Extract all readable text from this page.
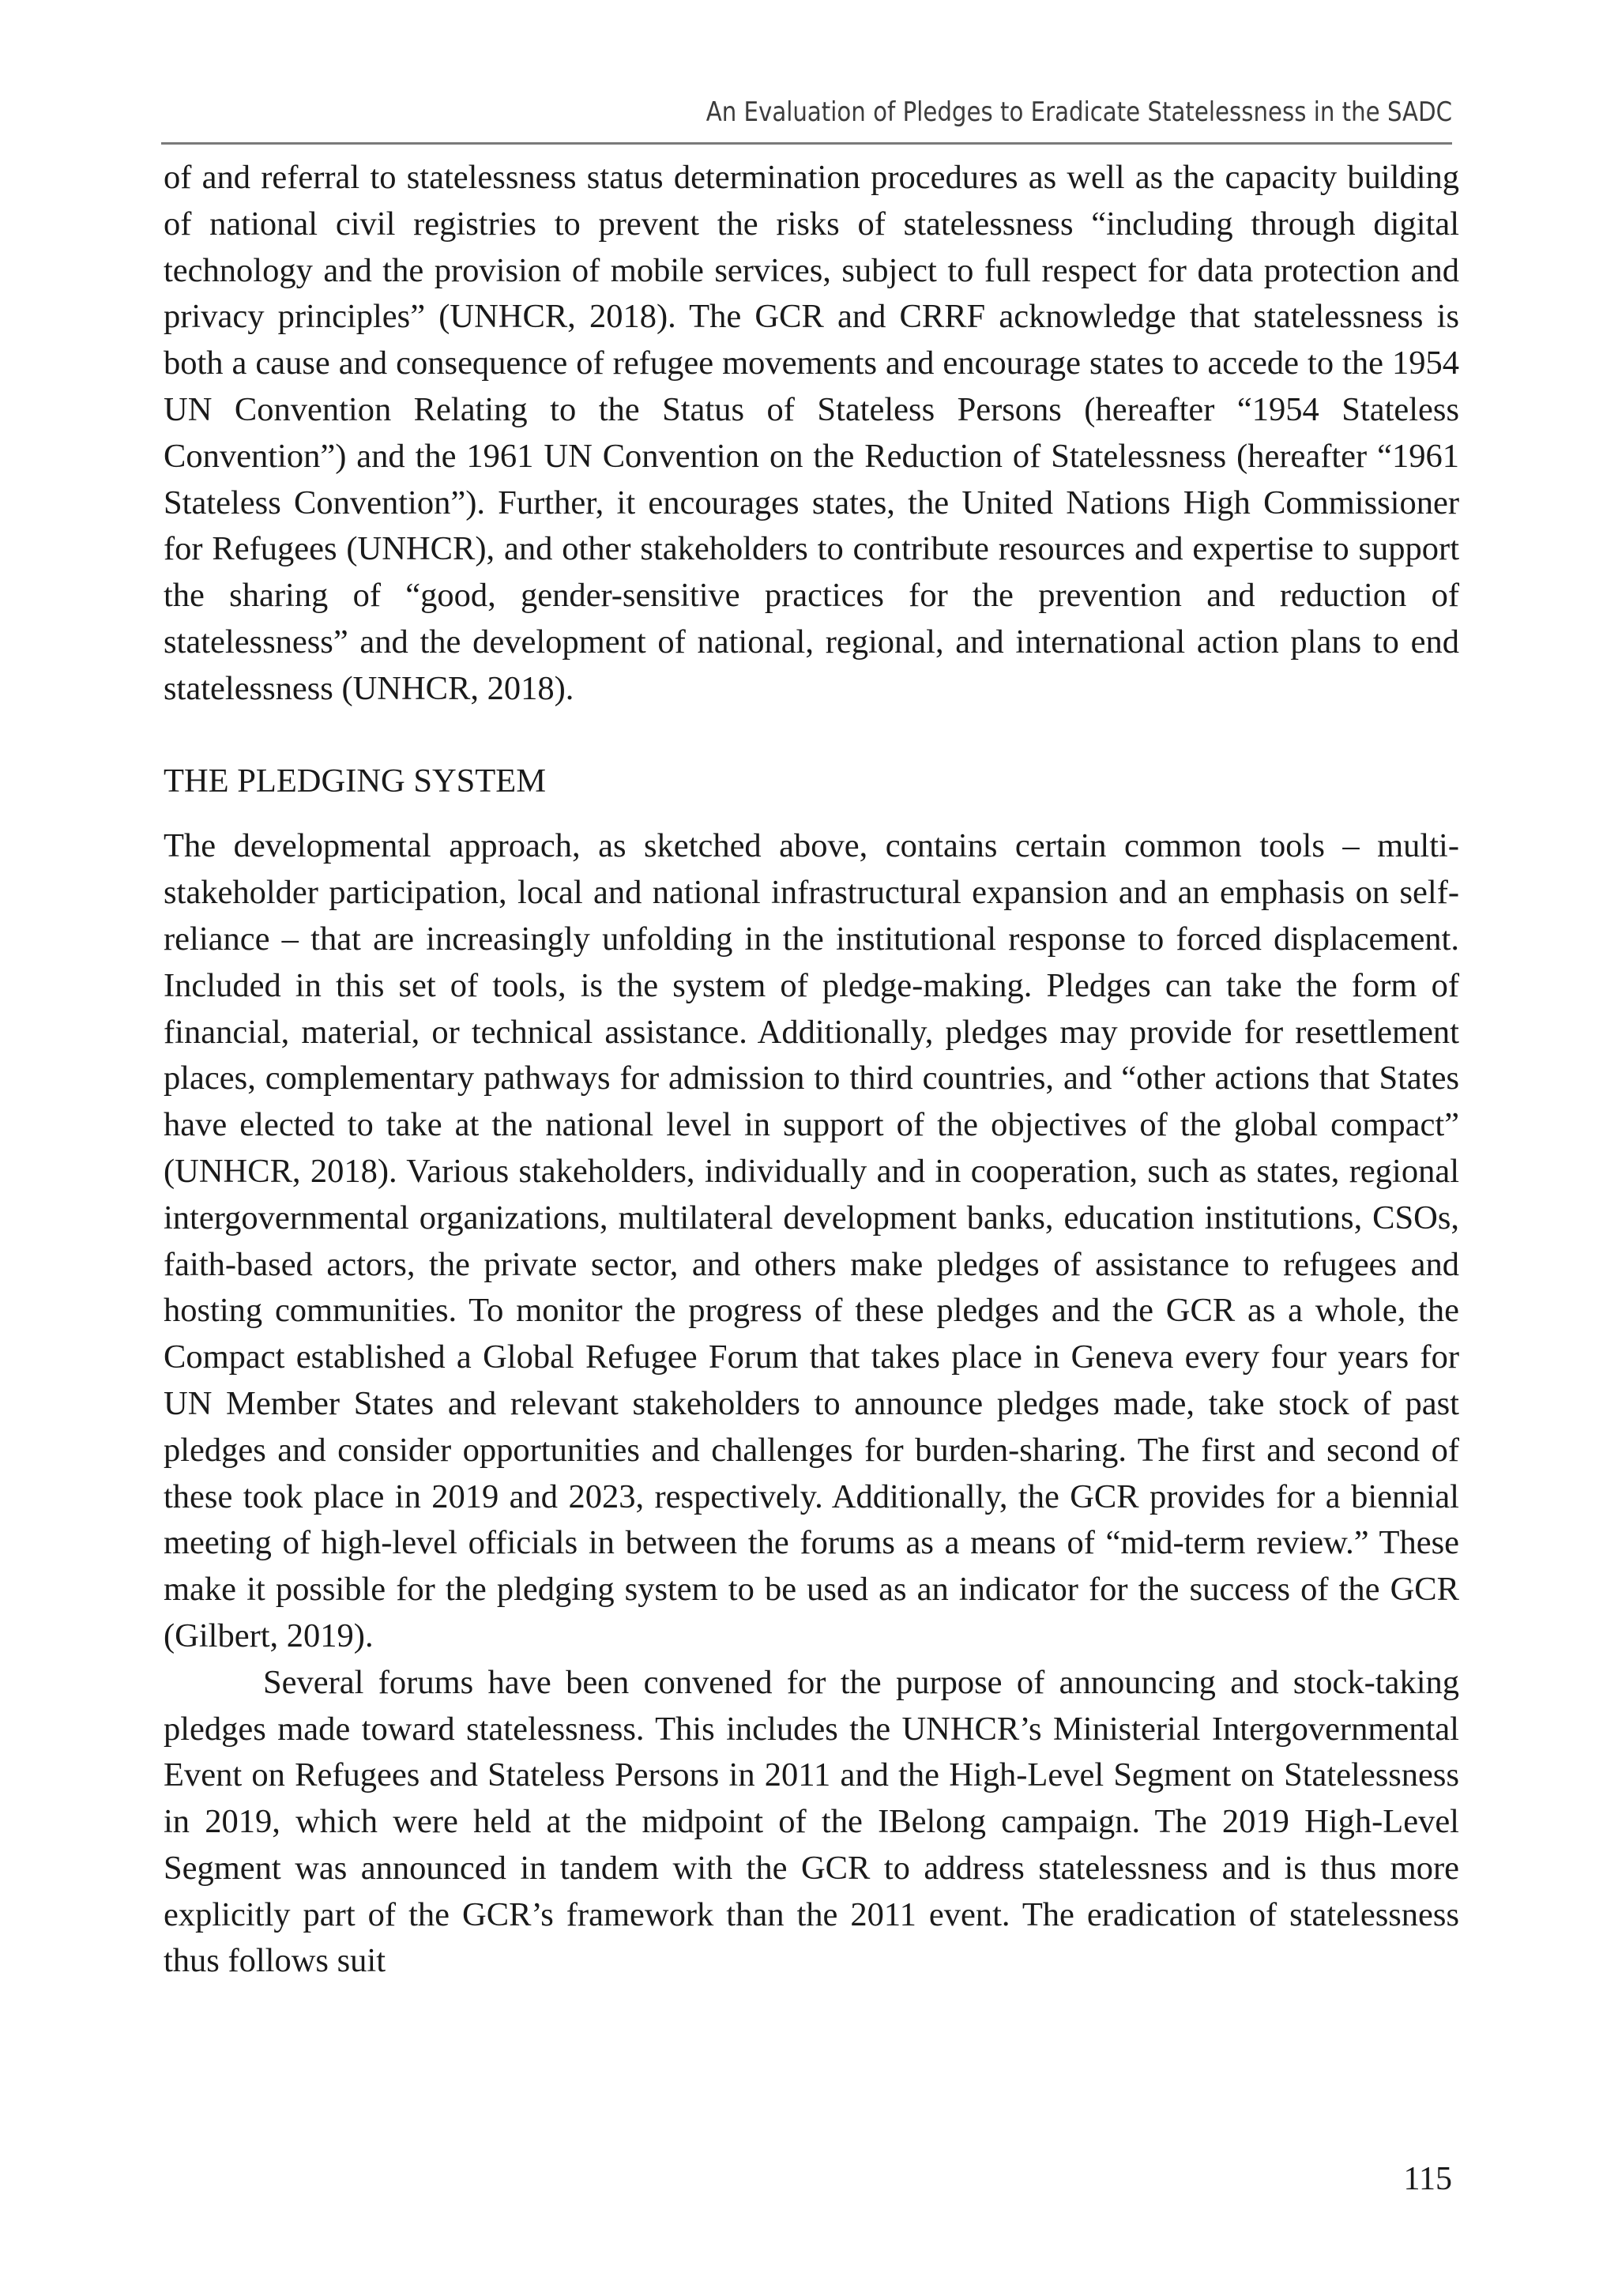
An Evaluation of Pledges to Eradicate Statelessness in the SADC

of and referral to statelessness status determination procedures as well as the capacity building of national civil registries to prevent the risks of statelessness “including through digital technology and the provision of mobile services, subject to full respect for data protection and privacy principles” (UNHCR, 2018). The GCR and CRRF acknowledge that statelessness is both a cause and consequence of refugee movements and encourage states to accede to the 1954 UN Convention Relating to the Status of Stateless Persons (hereafter “1954 Stateless Convention”) and the 1961 UN Convention on the Reduction of Statelessness (hereafter “1961 Stateless Convention”). Further, it encourages states, the United Nations High Commissioner for Refugees (UNHCR), and other stakeholders to contribute resources and expertise to support the sharing of “good, gender-sensitive practices for the prevention and reduction of statelessness” and the development of national, regional, and international action plans to end statelessness (UNHCR, 2018).

THE PLEDGING SYSTEM

The developmental approach, as sketched above, contains certain common tools – multi-stakeholder participation, local and national infrastructural expansion and an emphasis on self-reliance – that are increasingly unfolding in the institutional response to forced displacement. Included in this set of tools, is the system of pledge-making. Pledges can take the form of financial, material, or technical assistance. Additionally, pledges may provide for resettlement places, complementary pathways for admission to third countries, and “other actions that States have elected to take at the national level in support of the objectives of the global compact” (UNHCR, 2018). Various stakeholders, individually and in cooperation, such as states, regional intergovernmental organizations, multilateral development banks, education institutions, CSOs, faith-based actors, the private sector, and others make pledges of assistance to refugees and hosting communities. To monitor the progress of these pledges and the GCR as a whole, the Compact established a Global Refugee Forum that takes place in Geneva every four years for UN Member States and relevant stakeholders to announce pledges made, take stock of past pledges and consider opportunities and challenges for burden-sharing. The first and second of these took place in 2019 and 2023, respectively. Additionally, the GCR provides for a biennial meeting of high-level officials in between the forums as a means of “mid-term review.” These make it possible for the pledging system to be used as an indicator for the success of the GCR (Gilbert, 2019).

Several forums have been convened for the purpose of announcing and stock-taking pledges made toward statelessness. This includes the UNHCR’s Ministerial Intergovernmental Event on Refugees and Stateless Persons in 2011 and the High-Level Segment on Statelessness in 2019, which were held at the midpoint of the IBelong campaign. The 2019 High-Level Segment was announced in tandem with the GCR to address statelessness and is thus more explicitly part of the GCR’s framework than the 2011 event. The eradication of statelessness thus follows suit

115
